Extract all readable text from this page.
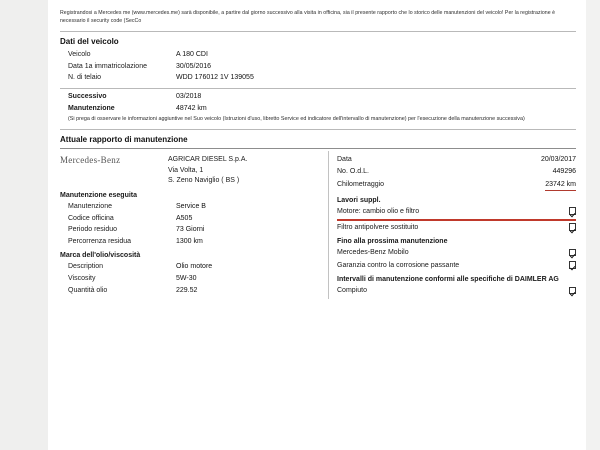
Registrandosi a Mercedes me (www.mercedes.me) sarà disponibile, a partire dal giorno successivo alla visita in officina, sia il presente rapporto che lo storico delle manutenzioni del veicolo! Per la registrazione è necessario il security code (SecCo
Dati del veicolo
Veicolo	A 180 CDI
Data 1a immatricolazione	30/05/2016
N. di telaio	WDD 176012 1V 139055
Successivo	03/2018
Manutenzione	48742 km
(Si prega di osservare le informazioni aggiuntive nel Suo veicolo (Istruzioni d'uso, libretto Service ed indicatore dell'intervallo di manutenzione) per l'esecuzione della manutenzione successiva)
Attuale rapporto di manutenzione
Mercedes-Benz	AGRICAR DIESEL S.p.A.
Via Volta, 1
S. Zeno Naviglio ( BS )
Manutenzione eseguita
Manutenzione	Service B
Codice officina	A505
Periodo residuo	73 Giorni
Percorrenza residua	1300 km
Marca dell'olio/viscosità
Description	Olio motore
Viscosity	5W-30
Quantità olio	229.52
Data	20/03/2017
No. O.d.L.	449296
Chilometraggio	23742 km
Lavori suppl.
Motore: cambio olio e filtro
Filtro antipolvere sostituito
Fino alla prossima manutenzione
Mercedes-Benz Mobilo
Garanzia contro la corrosione passante
Intervalli di manutenzione conformi alle specifiche di DAIMLER AG
Compiuto
